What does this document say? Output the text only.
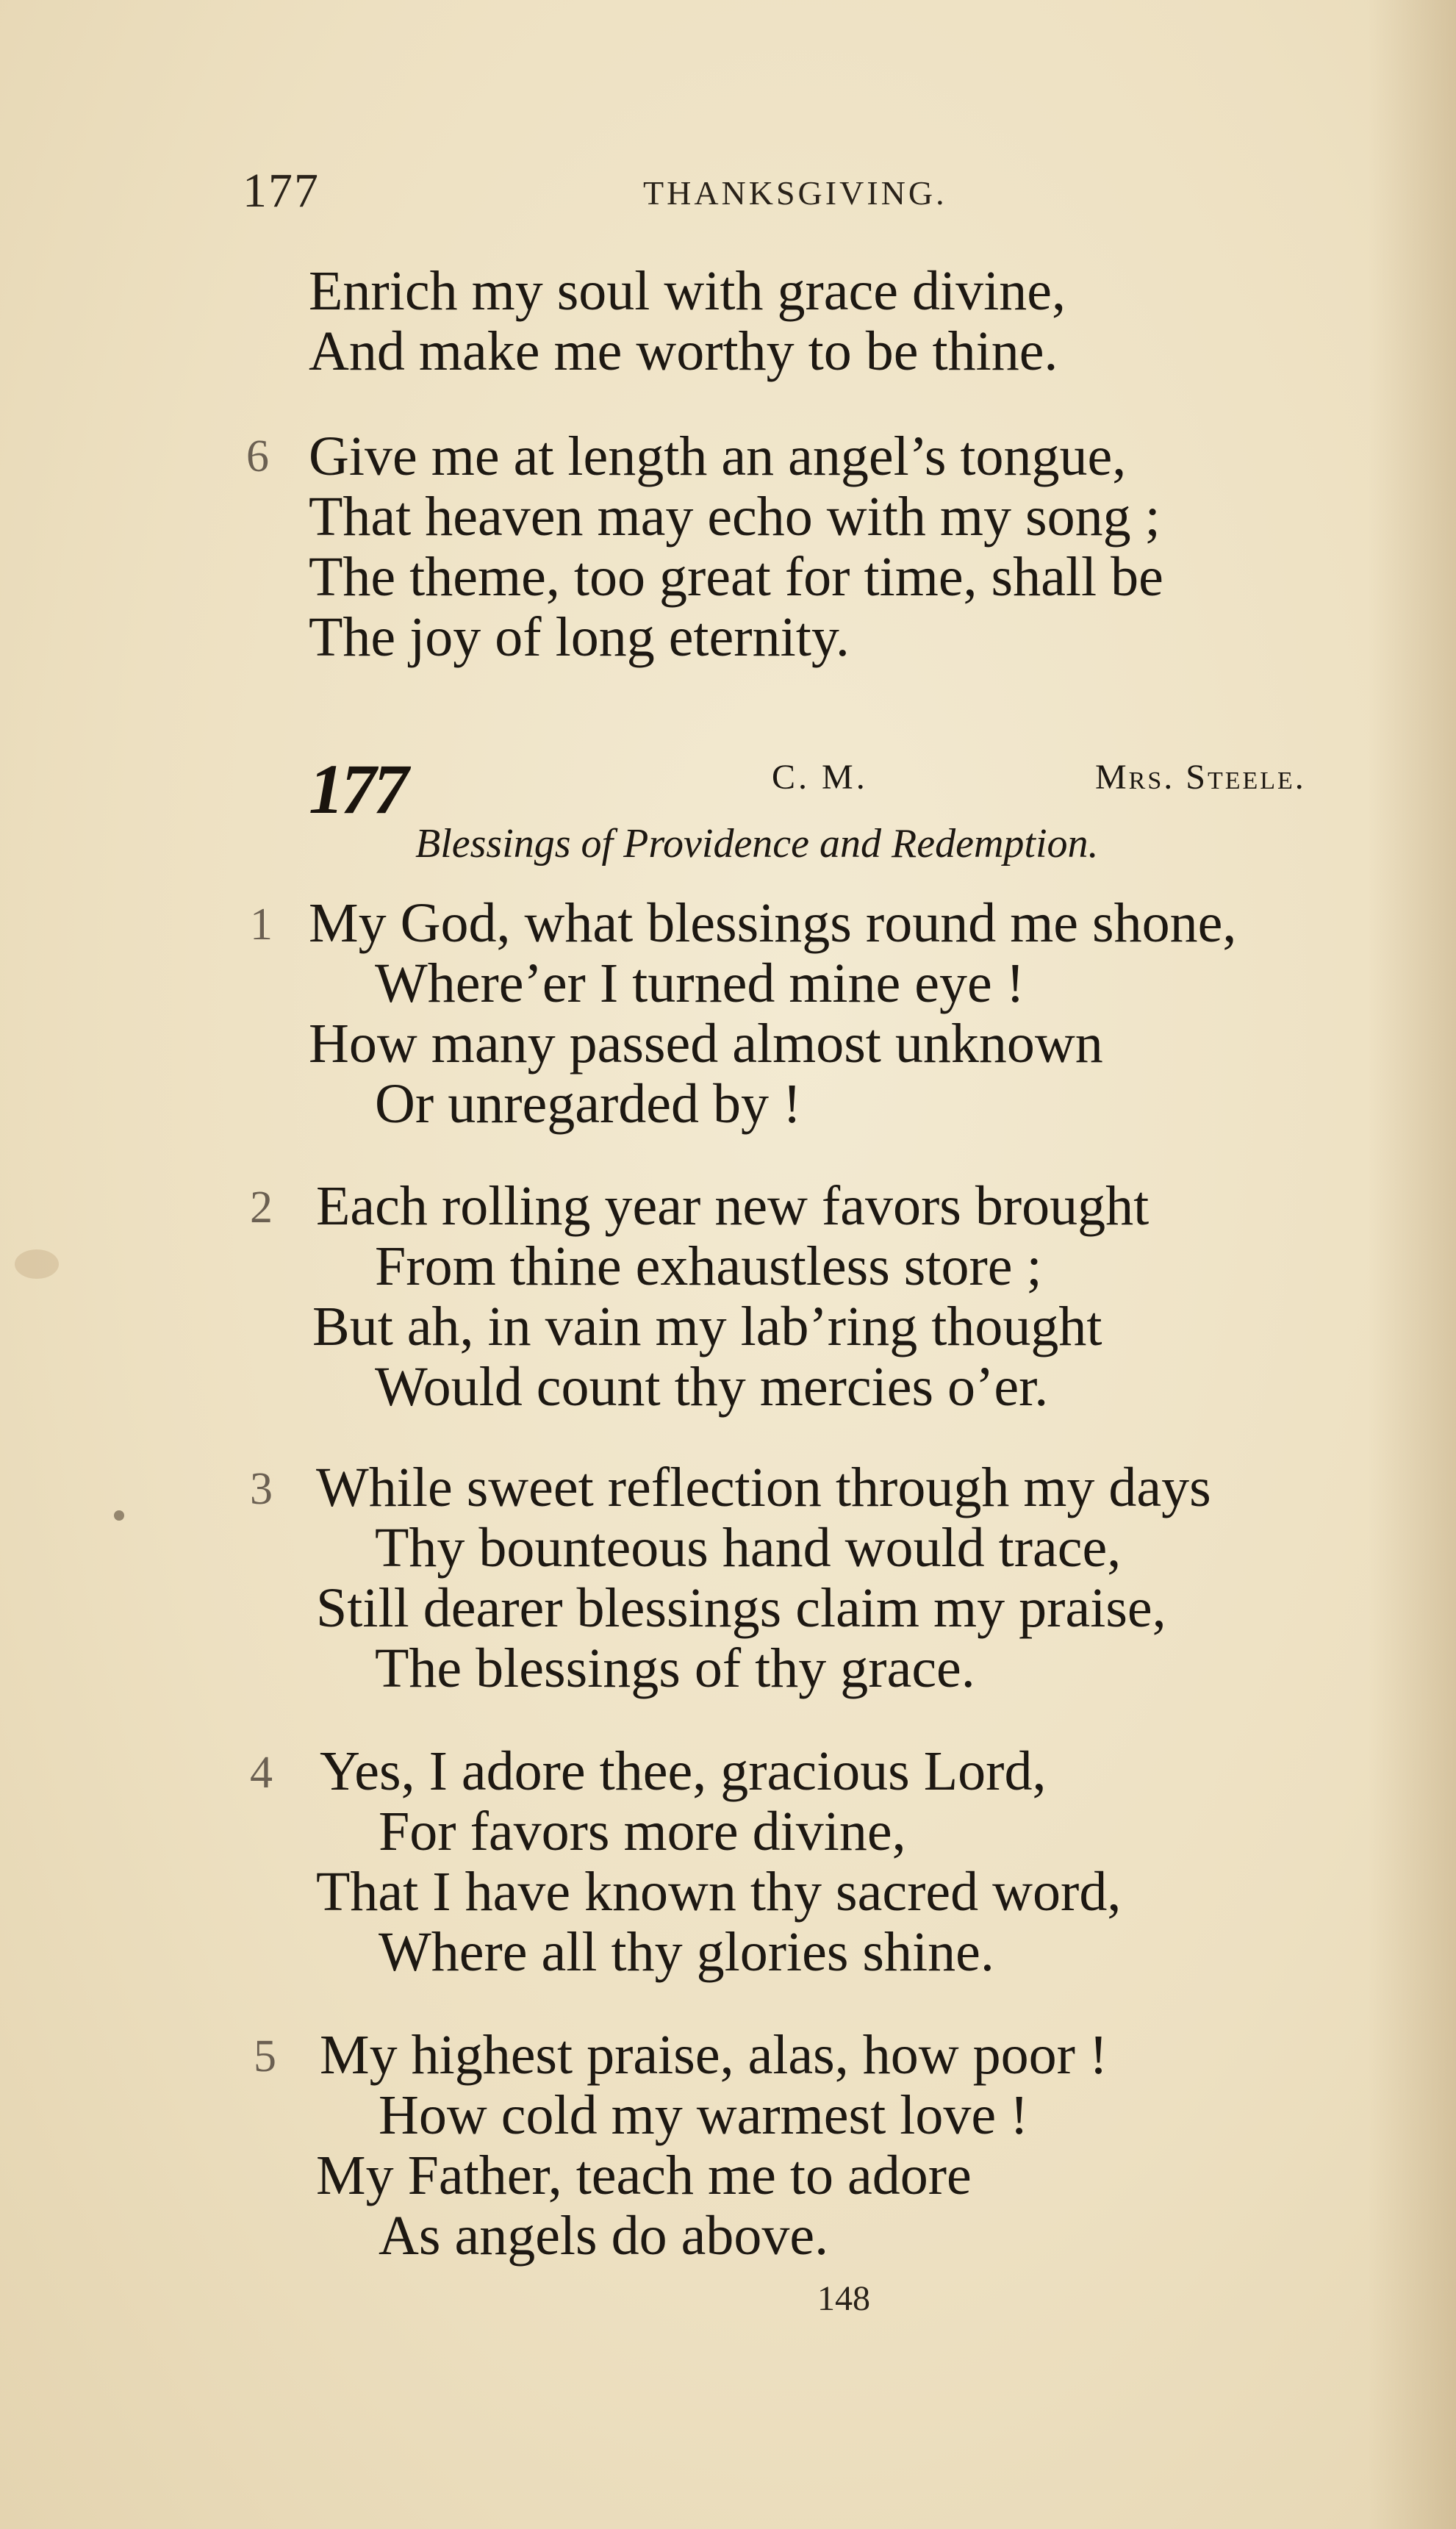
177	THANKSGIVING.
Enrich my soul with grace divine,
And make me worthy to be thine.
6 Give me at length an angel’s tongue,
That heaven may echo with my song ;
The theme, too great for time, shall be
The joy of long eternity.
177	C. M.	Mrs. Steele.
Blessings of Providence and Redemption.
1 My God, what blessings round me shone,
Where’er I turned mine eye !
How many passed almost unknown
Or unregarded by !
2 Each rolling year new favors brought
From thine exhaustless store ;
But ah, in vain my lab’ring thought
Would count thy mercies o’er.
3 While sweet reflection through my days
Thy bounteous hand would trace,
Still dearer blessings claim my praise,
The blessings of thy grace.
4 Yes, I adore thee, gracious Lord,
For favors more divine,
That I have known thy sacred word,
Where all thy glories shine.
5 My highest praise, alas, how poor !
How cold my warmest love !
My Father, teach me to adore
As angels do above.
148
